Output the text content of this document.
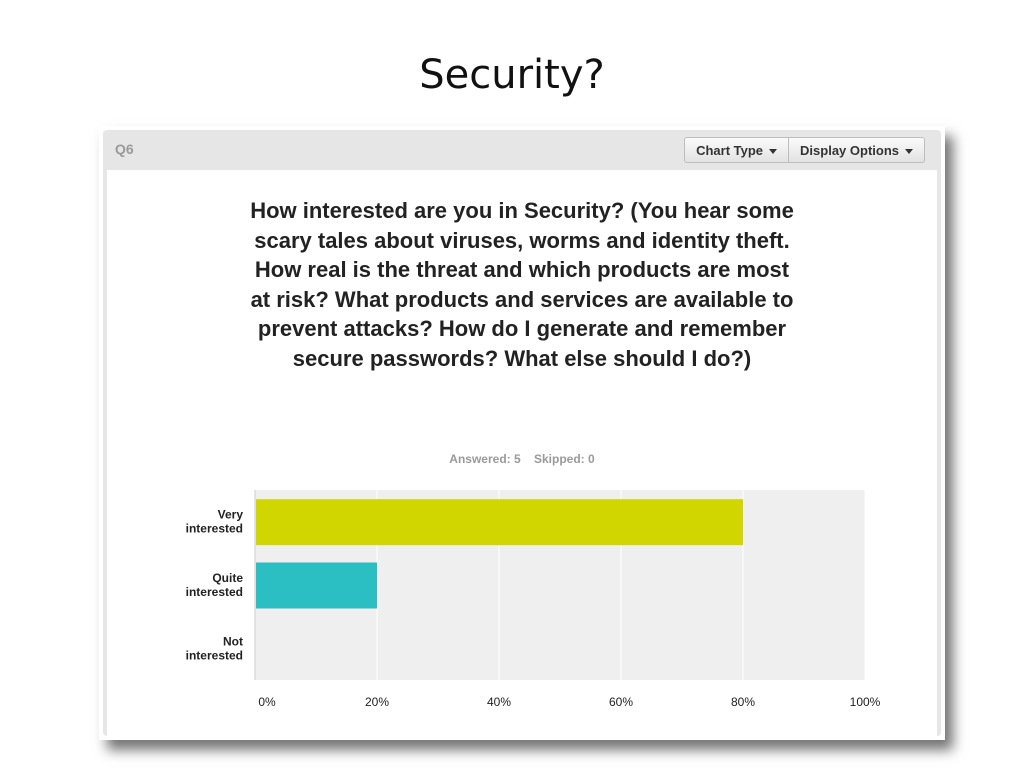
Security?
Q6	Chart Type	Display Options

How interested are you in Security? (You hear some scary tales about viruses, worms and identity theft. How real is the threat and which products are most at risk? What products and services are available to prevent attacks? How do I generate and remember secure passwords? What else should I do?)

Answered: 5 Skipped: 0
Very
interested
Quite
interested
Not
interested
0%	20%	40%	60%	80%	100%
